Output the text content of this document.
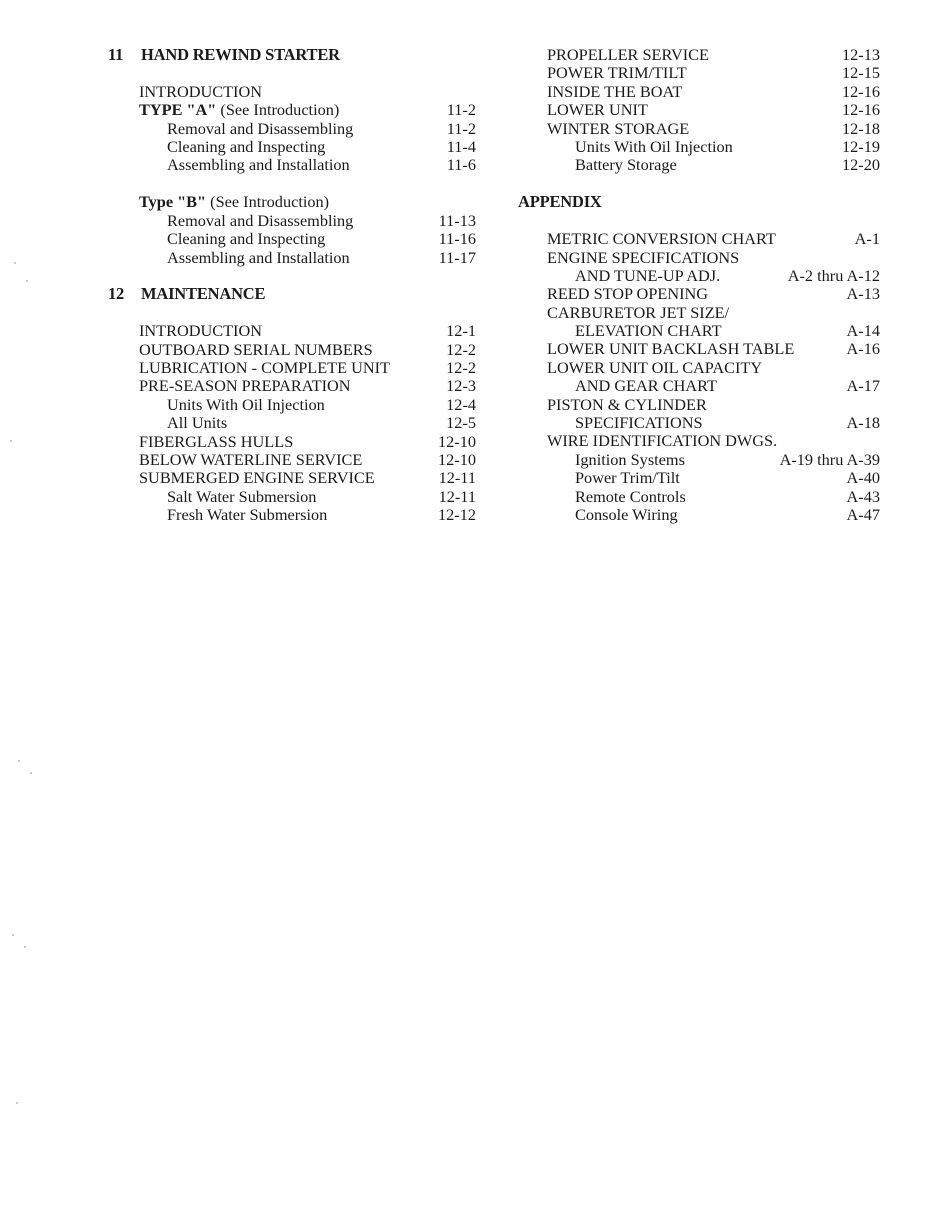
11 HAND REWIND STARTER
INTRODUCTION
TYPE "A" (See Introduction)	11-2
Removal and Disassembling	11-2
Cleaning and Inspecting	11-4
Assembling and Installation	11-6
Type "B" (See Introduction)
Removal and Disassembling	11-13
Cleaning and Inspecting	11-16
Assembling and Installation	11-17
12 MAINTENANCE
INTRODUCTION	12-1
OUTBOARD SERIAL NUMBERS	12-2
LUBRICATION - COMPLETE UNIT	12-2
PRE-SEASON PREPARATION	12-3
Units With Oil Injection	12-4
All Units	12-5
FIBERGLASS HULLS	12-10
BELOW WATERLINE SERVICE	12-10
SUBMERGED ENGINE SERVICE	12-11
Salt Water Submersion	12-11
Fresh Water Submersion	12-12
PROPELLER SERVICE	12-13
POWER TRIM/TILT	12-15
INSIDE THE BOAT	12-16
LOWER UNIT	12-16
WINTER STORAGE	12-18
Units With Oil Injection	12-19
Battery Storage	12-20
APPENDIX
METRIC CONVERSION CHART	A-1
ENGINE SPECIFICATIONS
AND TUNE-UP ADJ.	A-2 thru A-12
REED STOP OPENING	A-13
CARBURETOR JET SIZE/
ELEVATION CHART	A-14
LOWER UNIT BACKLASH TABLE	A-16
LOWER UNIT OIL CAPACITY
AND GEAR CHART	A-17
PISTON & CYLINDER
SPECIFICATIONS	A-18
WIRE IDENTIFICATION DWGS.
Ignition Systems	A-19 thru A-39
Power Trim/Tilt	A-40
Remote Controls	A-43
Console Wiring	A-47
